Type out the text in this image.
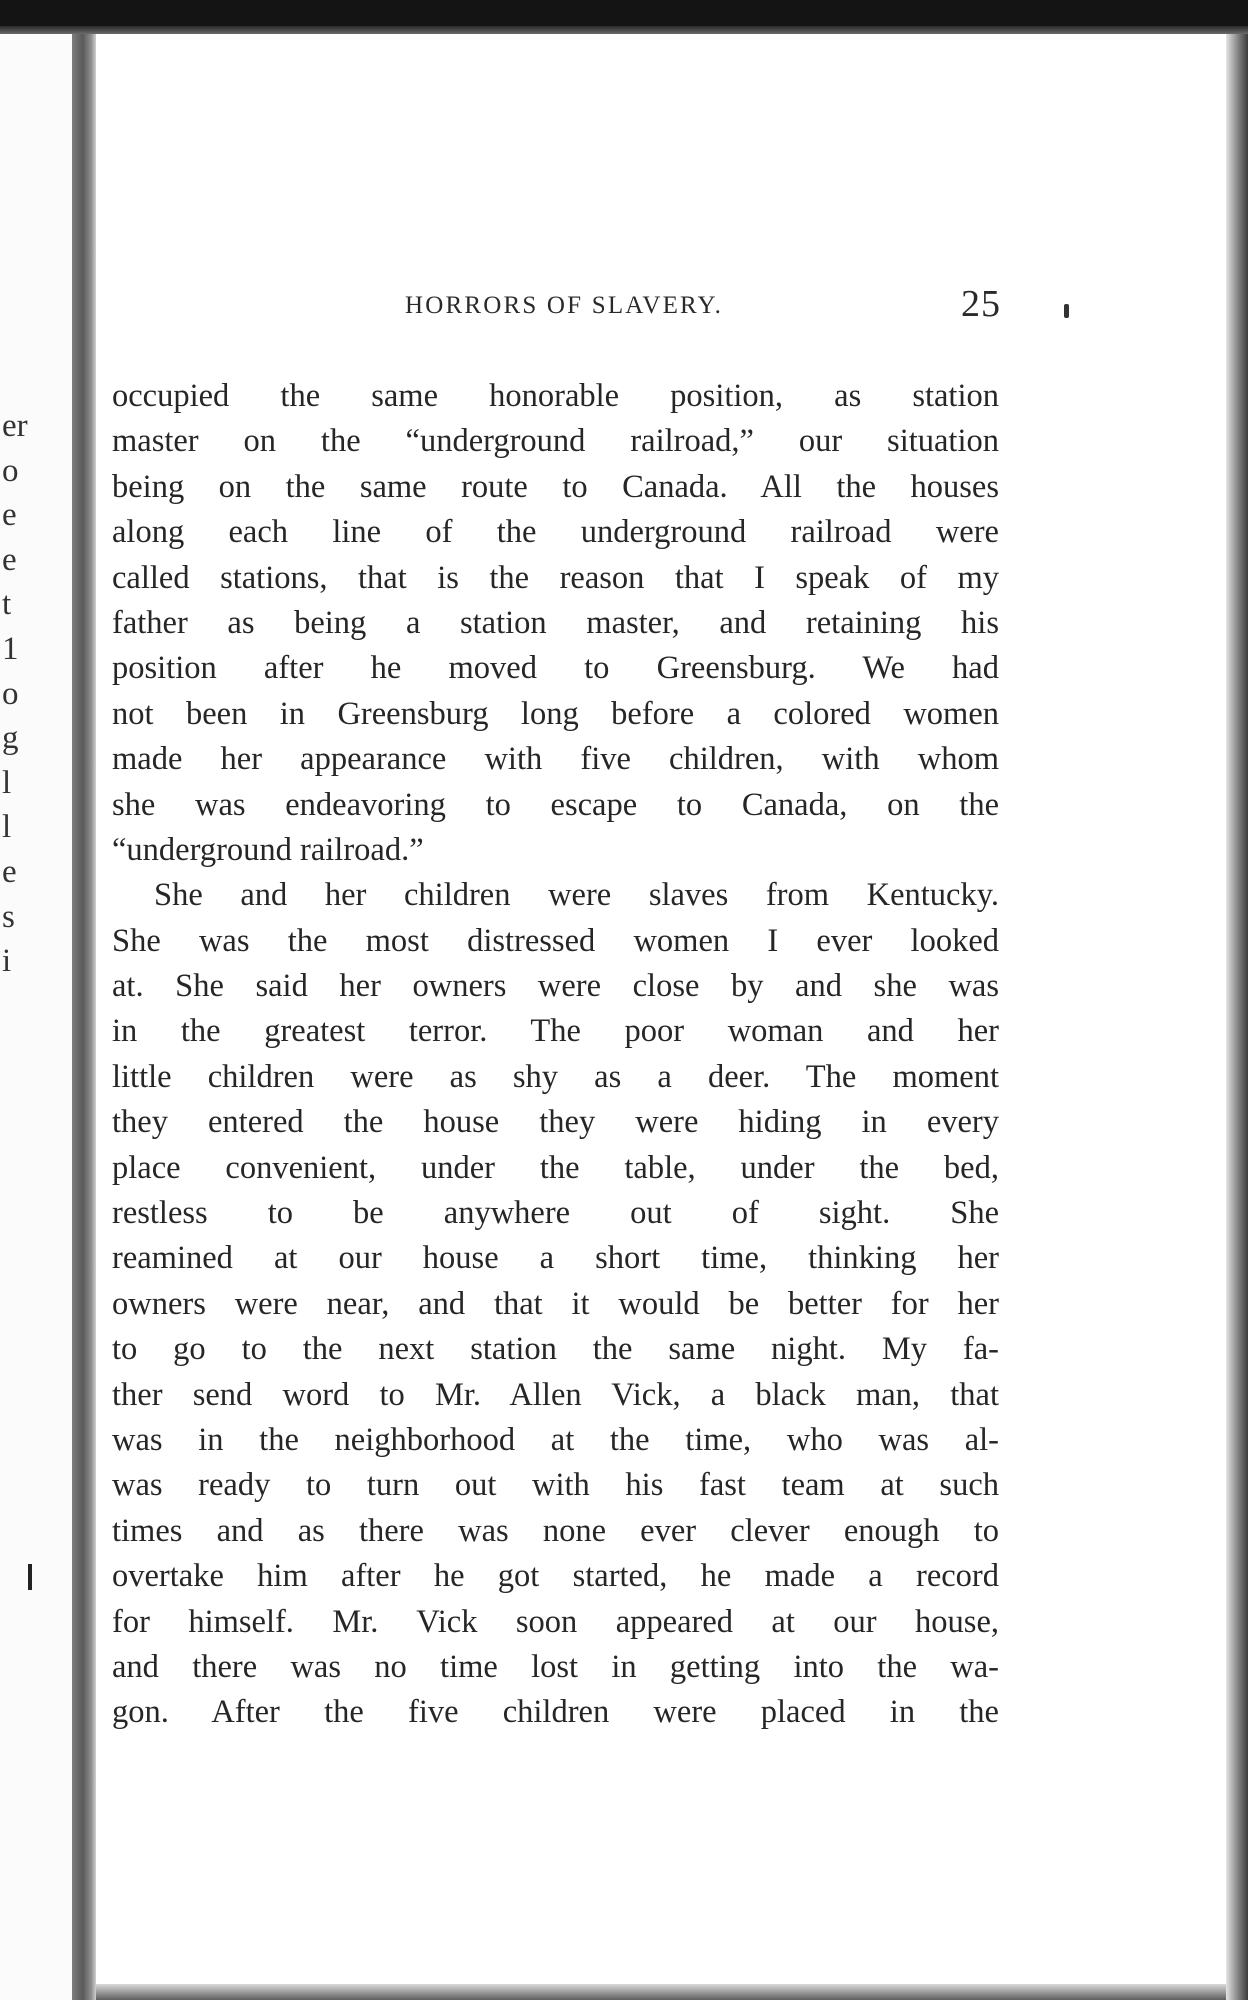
er
o
e
e
t
1
o
g
l
l
e
s
i
HORRORS OF SLAVERY.	25
occupied the same honorable position, as station
master on the “underground railroad,” our situation
being on the same route to Canada. All the houses
along each line of the underground railroad were
called stations, that is the reason that I speak of my
father as being a station master, and retaining his
position after he moved to Greensburg. We had
not been in Greensburg long before a colored women
made her appearance with five children, with whom
she was endeavoring to escape to Canada, on the
“underground railroad.”
She and her children were slaves from Kentucky.
She was the most distressed women I ever looked
at. She said her owners were close by and she was
in the greatest terror. The poor woman and her
little children were as shy as a deer. The moment
they entered the house they were hiding in every
place convenient, under the table, under the bed,
restless to be anywhere out of sight. She
reamined at our house a short time, thinking her
owners were near, and that it would be better for her
to go to the next station the same night. My fa-
ther send word to Mr. Allen Vick, a black man, that
was in the neighborhood at the time, who was al-
was ready to turn out with his fast team at such
times and as there was none ever clever enough to
overtake him after he got started, he made a record
for himself. Mr. Vick soon appeared at our house,
and there was no time lost in getting into the wa-
gon. After the five children were placed in the
